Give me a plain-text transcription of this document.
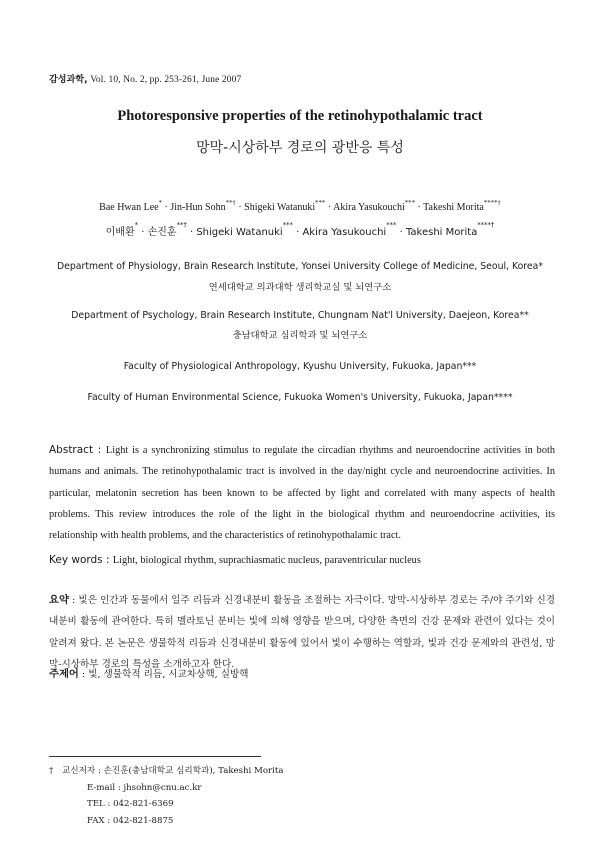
감성과학, Vol. 10, No. 2, pp. 253-261, June 2007
Photoresponsive properties of the retinohypothalamic tract
망막-시상하부 경로의 광반응 특성
Bae Hwan Lee* · Jin-Hun Sohn**† · Shigeki Watanuki*** · Akira Yasukouchi*** · Takeshi Morita****†
이배환* · 손진훈**† · Shigeki Watanuki*** · Akira Yasukouchi*** · Takeshi Morita****†
Department of Physiology, Brain Research Institute, Yonsei University College of Medicine, Seoul, Korea*
연세대학교 의과대학 생리학교실 및 뇌연구소
Department of Psychology, Brain Research Institute, Chungnam Nat'l University, Daejeon, Korea**
충남대학교 심리학과 및 뇌연구소
Faculty of Physiological Anthropology, Kyushu University, Fukuoka, Japan***
Faculty of Human Environmental Science, Fukuoka Women's University, Fukuoka, Japan****
Abstract : Light is a synchronizing stimulus to regulate the circadian rhythms and neuroendocrine activities in both humans and animals. The retinohypothalamic tract is involved in the day/night cycle and neuroendocrine activities. In particular, melatonin secretion has been known to be affected by light and correlated with many aspects of health problems. This review introduces the role of the light in the biological rhythm and neuroendocrine activities, its relationship with health problems, and the characteristics of retinohypothalamic tract.
Key words : Light, biological rhythm, suprachiasmatic nucleus, paraventricular nucleus
요약 : 빛은 인간과 동물에서 일주 리듬과 신경내분비 활동을 조절하는 자극이다. 망막-시상하부 경로는 주/야 주기와 신경내분비 활동에 관여한다. 특히 멜라토닌 분비는 빛에 의해 영향을 받으며, 다양한 측면의 건강 문제와 관련이 있다는 것이 알려져 왔다. 본 논문은 생물학적 리듬과 신경내분비 활동에 있어서 빛이 수행하는 역할과, 빛과 건강 문제와의 관련성, 망막-시상하부 경로의 특성을 소개하고자 한다.
주제어 : 빛, 생물학적 리듬, 시교차상핵, 실방핵
† 교신저자 : 손진훈(충남대학교 심리학과), Takeshi Morita
E-mail : jhsohn@cnu.ac.kr
TEL : 042-821-6369
FAX : 042-821-8875
